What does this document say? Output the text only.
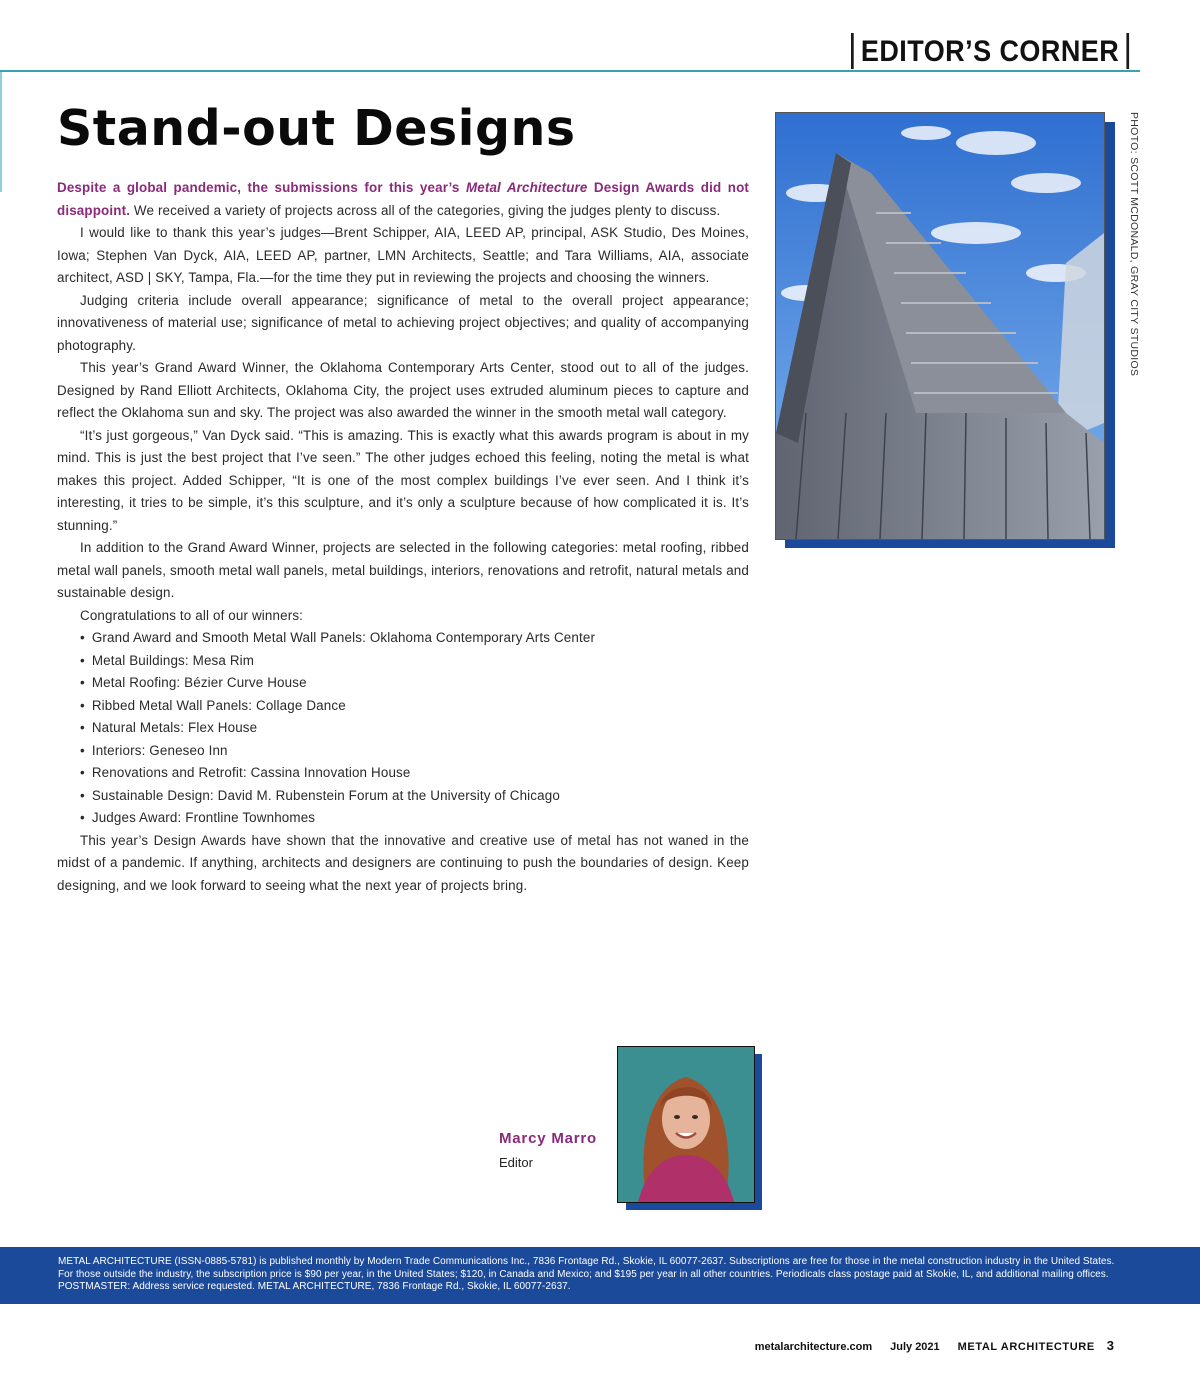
EDITOR’S CORNER
Stand-out Designs

Despite a global pandemic, the submissions for this year’s Metal Architecture Design Awards did not disappoint. We received a variety of projects across all of the categories, giving the judges plenty to discuss.

I would like to thank this year’s judges—Brent Schipper, AIA, LEED AP, principal, ASK Studio, Des Moines, Iowa; Stephen Van Dyck, AIA, LEED AP, partner, LMN Architects, Seattle; and Tara Williams, AIA, associate architect, ASD | SKY, Tampa, Fla.—for the time they put in reviewing the projects and choosing the winners.

Judging criteria include overall appearance; significance of metal to the overall project appearance; innovativeness of material use; significance of metal to achieving project objectives; and quality of accompanying photography.

This year’s Grand Award Winner, the Oklahoma Contemporary Arts Center, stood out to all of the judges. Designed by Rand Elliott Architects, Oklahoma City, the project uses extruded aluminum pieces to capture and reflect the Oklahoma sun and sky. The project was also awarded the winner in the smooth metal wall category.

“It’s just gorgeous,” Van Dyck said. “This is amazing. This is exactly what this awards program is about in my mind. This is just the best project that I’ve seen.” The other judges echoed this feeling, noting the metal is what makes this project. Added Schipper, “It is one of the most complex buildings I’ve ever seen. And I think it’s interesting, it tries to be simple, it’s this sculpture, and it’s only a sculpture because of how complicated it is. It’s stunning.”

In addition to the Grand Award Winner, projects are selected in the following categories: metal roofing, ribbed metal wall panels, smooth metal wall panels, metal buildings, interiors, renovations and retrofit, natural metals and sustainable design.

Congratulations to all of our winners:

• Grand Award and Smooth Metal Wall Panels: Oklahoma Contemporary Arts Center
• Metal Buildings: Mesa Rim
• Metal Roofing: Bézier Curve House
• Ribbed Metal Wall Panels: Collage Dance
• Natural Metals: Flex House
• Interiors: Geneseo Inn
• Renovations and Retrofit: Cassina Innovation House
• Sustainable Design: David M. Rubenstein Forum at the University of Chicago
• Judges Award: Frontline Townhomes

This year’s Design Awards have shown that the innovative and creative use of metal has not waned in the midst of a pandemic. If anything, architects and designers are continuing to push the boundaries of design. Keep designing, and we look forward to seeing what the next year of projects bring.

PHOTO: SCOTT MCDONALD, GRAY CITY STUDIOS
Marcy Marro
Editor

METAL ARCHITECTURE (ISSN-0885-5781) is published monthly by Modern Trade Communications Inc., 7836 Frontage Rd., Skokie, IL 60077-2637. Subscriptions are free for those in the metal construction industry in the United States. For those outside the industry, the subscription price is $90 per year, in the United States; $120, in Canada and Mexico; and $195 per year in all other countries. Periodicals class postage paid at Skokie, IL, and additional mailing offices. POSTMASTER: Address service requested. METAL ARCHITECTURE, 7836 Frontage Rd., Skokie, IL 60077-2637.

metalarchitecture.com July 2021 METAL ARCHITECTURE 3
